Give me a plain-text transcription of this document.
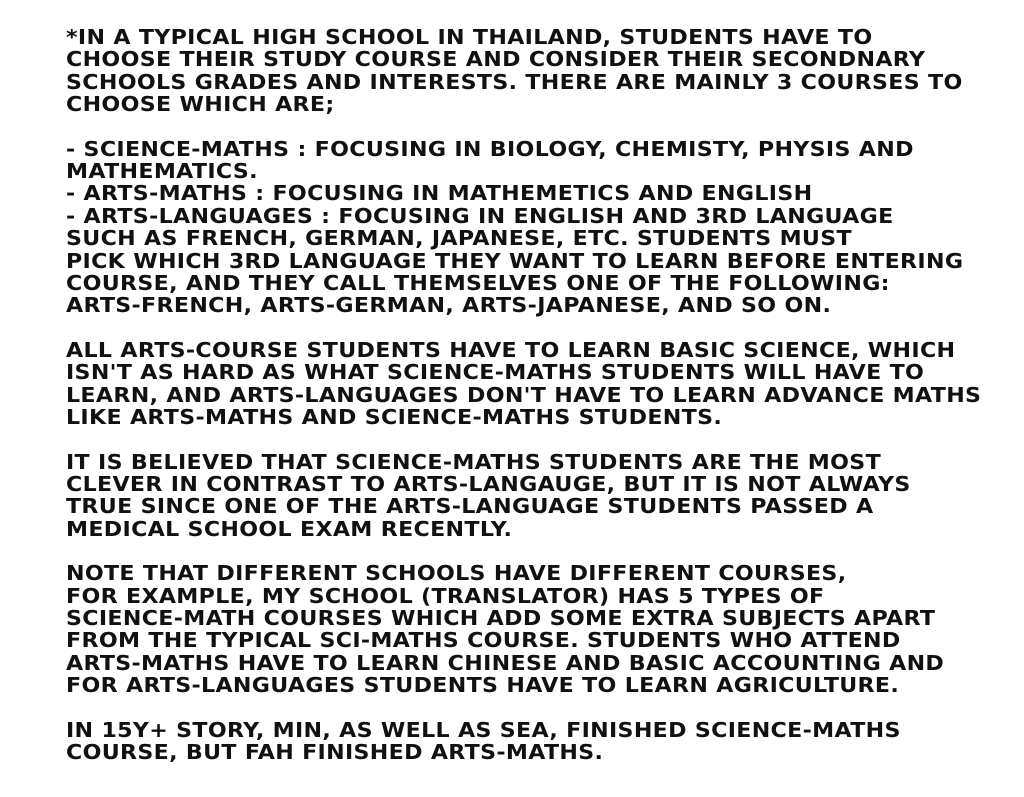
*IN A TYPICAL HIGH SCHOOL IN THAILAND, STUDENTS HAVE TO
CHOOSE THEIR STUDY COURSE AND CONSIDER THEIR SECONDNARY
SCHOOLS GRADES AND INTERESTS. THERE ARE MAINLY 3 COURSES TO
CHOOSE WHICH ARE;
- SCIENCE-MATHS : FOCUSING IN BIOLOGY, CHEMISTY, PHYSIS AND
MATHEMATICS.
- ARTS-MATHS : FOCUSING IN MATHEMETICS AND ENGLISH
- ARTS-LANGUAGES : FOCUSING IN ENGLISH AND 3RD LANGUAGE
SUCH AS FRENCH, GERMAN, JAPANESE, ETC. STUDENTS MUST
PICK WHICH 3RD LANGUAGE THEY WANT TO LEARN BEFORE ENTERING
COURSE, AND THEY CALL THEMSELVES ONE OF THE FOLLOWING:
ARTS-FRENCH, ARTS-GERMAN, ARTS-JAPANESE, AND SO ON.
ALL ARTS-COURSE STUDENTS HAVE TO LEARN BASIC SCIENCE, WHICH
ISN'T AS HARD AS WHAT SCIENCE-MATHS STUDENTS WILL HAVE TO
LEARN, AND ARTS-LANGUAGES DON'T HAVE TO LEARN ADVANCE MATHS
LIKE ARTS-MATHS AND SCIENCE-MATHS STUDENTS.
IT IS BELIEVED THAT SCIENCE-MATHS STUDENTS ARE THE MOST
CLEVER IN CONTRAST TO ARTS-LANGAUGE, BUT IT IS NOT ALWAYS
TRUE SINCE ONE OF THE ARTS-LANGUAGE STUDENTS PASSED A
MEDICAL SCHOOL EXAM RECENTLY.
NOTE THAT DIFFERENT SCHOOLS HAVE DIFFERENT COURSES,
FOR EXAMPLE, MY SCHOOL (TRANSLATOR) HAS 5 TYPES OF
SCIENCE-MATH COURSES WHICH ADD SOME EXTRA SUBJECTS APART
FROM THE TYPICAL SCI-MATHS COURSE. STUDENTS WHO ATTEND
ARTS-MATHS HAVE TO LEARN CHINESE AND BASIC ACCOUNTING AND
FOR ARTS-LANGUAGES STUDENTS HAVE TO LEARN AGRICULTURE.
IN 15Y+ STORY, MIN, AS WELL AS SEA, FINISHED SCIENCE-MATHS
COURSE, BUT FAH FINISHED ARTS-MATHS.
